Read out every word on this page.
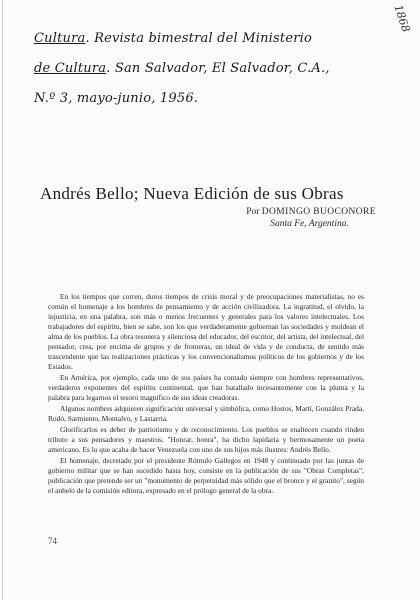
1868
Cultura. Revista bimestral del Ministerio
de Cultura. San Salvador, El Salvador, C.A.,
N.º 3, mayo-junio, 1956.
Andrés Bello; Nueva Edición de sus Obras
Por DOMINGO BUOCONORE
Santa Fe, Argentina.

En los tiempos que corren, duros tiempos de crisis moral y de preocupaciones materialistas, no es común el homenaje a los hombres de pensamiento y de acción civilizadora. La ingratitud, el olvido, la injusticia, en una palabra, son más o menos frecuentes y generales para los valores intelectuales. Los trabajadores del espíritu, bien se sabe, son los que verdaderamente gobiernan las sociedades y moldean el alma de los pueblos. La obra tesonera y silenciosa del educador, del escritor, del artista, del intelectual, del pensador, crea, por encima de grupos y de fronteras, un ideal de vida y de conducta, de sentido más trascendente que las realizaciones prácticas y los convencionalismos políticos de los gobiernos y de los Estados.

En América, por ejemplo, cada uno de sus países ha contado siempre con hombres representativos, verdaderos exponentes del espíritu continental, que han batallado incesantemente con la pluma y la palabra para legarnos el tesoro magnífico de sus ideas creadoras.

Algunos nombres adquieren significación universal y simbólica, como Hostos, Martí, González Prada, Rodó, Sarmiento, Montalvo, y Lastarria.

Glorificarlos es deber de patriotismo y de reconocimiento. Los pueblos se enaltecen cuando rinden tributo a sus pensadores y maestros. "Honrar, honra", ha dicho lapidaria y hermosamente un poeta americano. Es lo que acaba de hacer Venezuela con uno de sus hijos más ilustres: Andrés Bello.

El homenaje, decretado por el presidente Rómulo Gallegos en 1948 y continuado por las juntas de gobierno militar que se han sucedido hasta hoy, consiste en la publicación de sus "Obras Completas", publicación que pretende ser un "monumento de perpetuidad más sólido que el bronce y el granito", según el anhelo de la comisión editora, expresado en el prólogo general de la obra.

74
